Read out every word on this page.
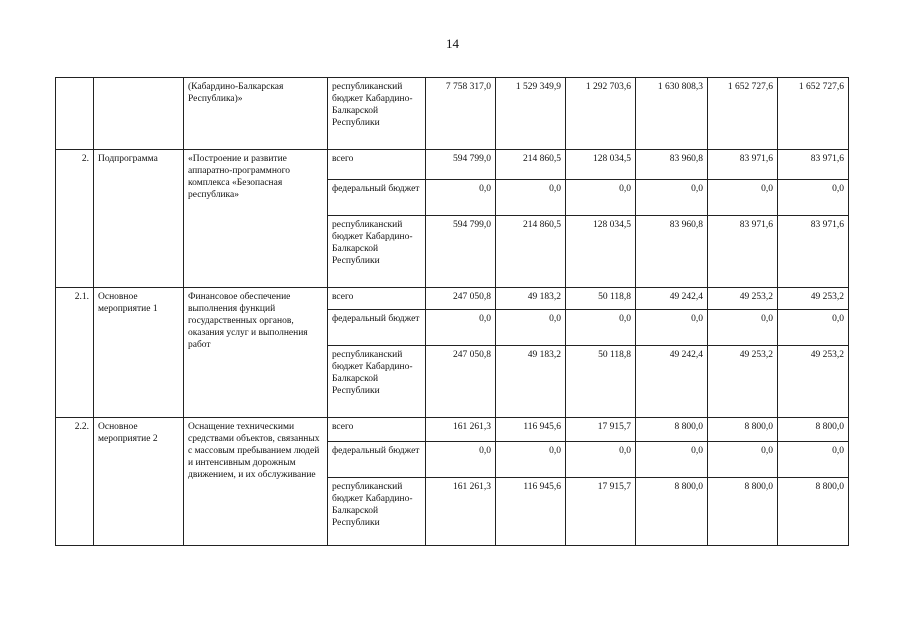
14
		(Кабардино-Балкарская Республика)»	республиканский бюджет Кабардино-Балкарской Республики	7 758 317,0	1 529 349,9	1 292 703,6	1 630 808,3	1 652 727,6	1 652 727,6
2.	Подпрограмма	«Построение и развитие аппаратно-программного комплекса «Безопасная республика»	всего	594 799,0	214 860,5	128 034,5	83 960,8	83 971,6	83 971,6
			федеральный бюджет	0,0	0,0	0,0	0,0	0,0	0,0
			республиканский бюджет Кабардино-Балкарской Республики	594 799,0	214 860,5	128 034,5	83 960,8	83 971,6	83 971,6
2.1.	Основное мероприятие 1	Финансовое обеспечение выполнения функций государственных органов, оказания услуг и выполнения работ	всего	247 050,8	49 183,2	50 118,8	49 242,4	49 253,2	49 253,2
			федеральный бюджет	0,0	0,0	0,0	0,0	0,0	0,0
			республиканский бюджет Кабардино-Балкарской Республики	247 050,8	49 183,2	50 118,8	49 242,4	49 253,2	49 253,2
2.2.	Основное мероприятие 2	Оснащение техническими средствами объектов, связанных с массовым пребыванием людей и интенсивным дорожным движением, и их обслуживание	всего	161 261,3	116 945,6	17 915,7	8 800,0	8 800,0	8 800,0
			федеральный бюджет	0,0	0,0	0,0	0,0	0,0	0,0
			республиканский бюджет Кабардино-Балкарской Республики	161 261,3	116 945,6	17 915,7	8 800,0	8 800,0	8 800,0
